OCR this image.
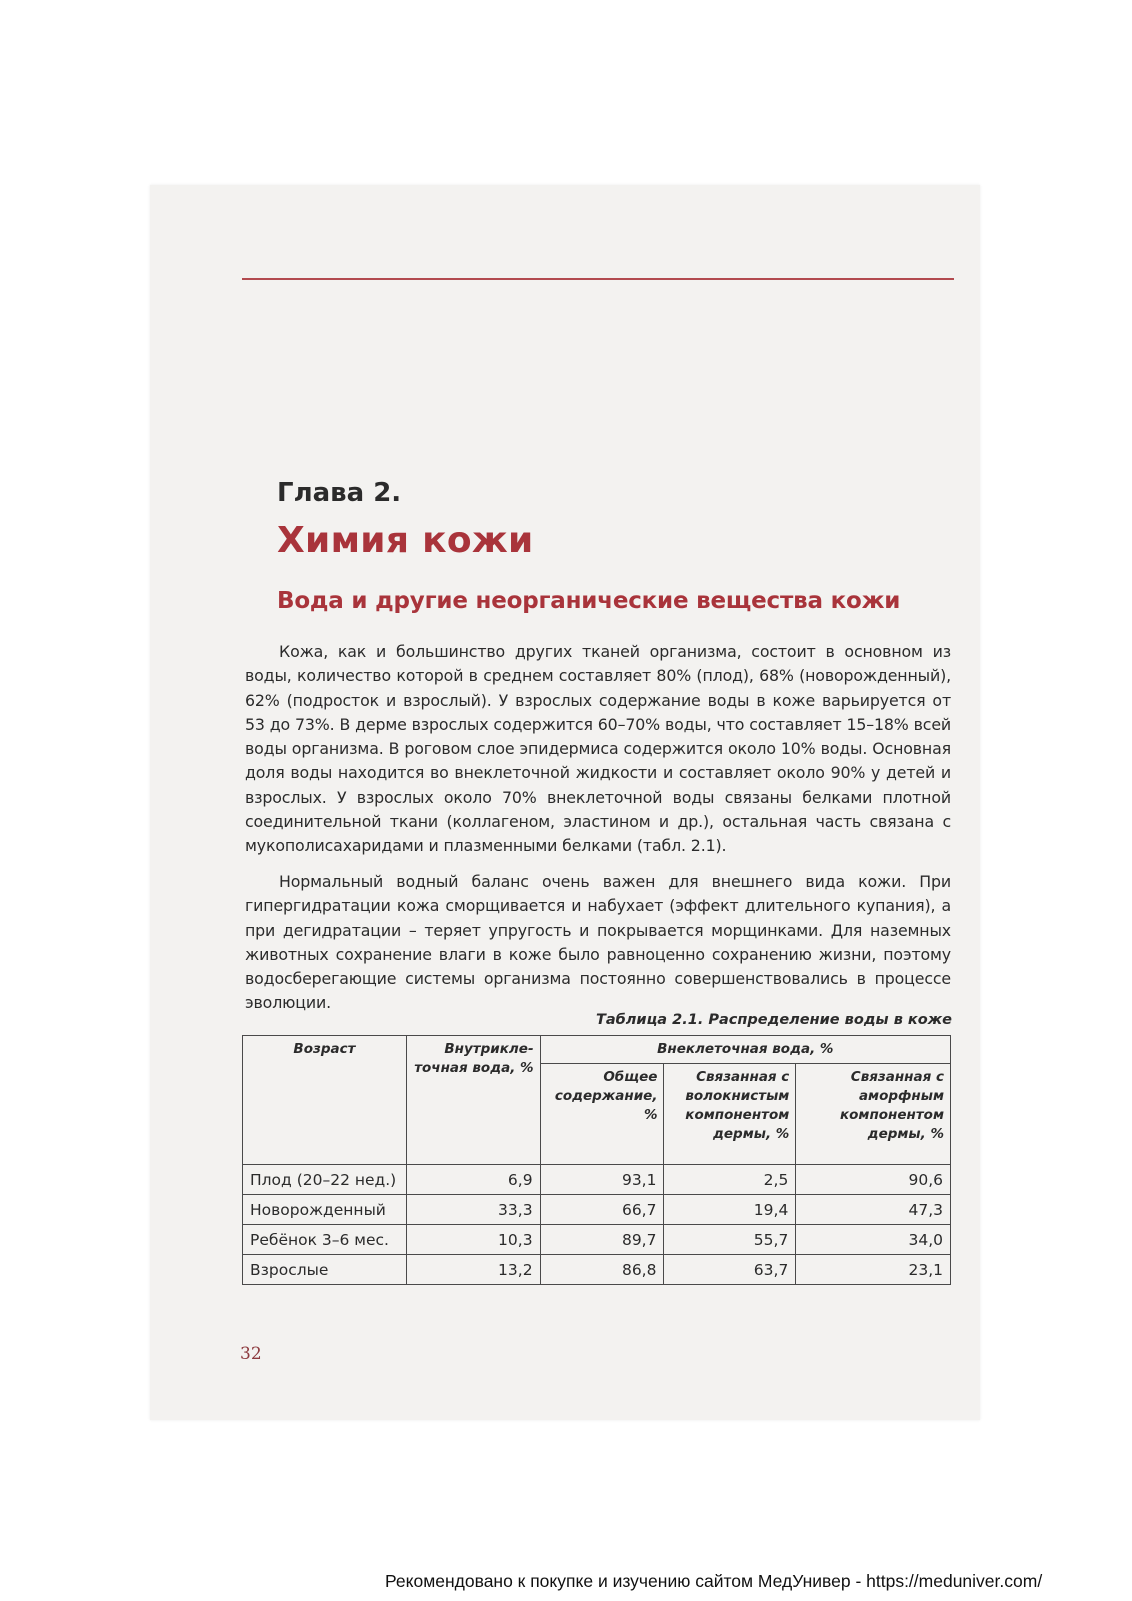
Глава 2.
Химия кожи
Вода и другие неорганические вещества кожи

Кожа, как и большинство других тканей организма, состоит в основном из воды, количество которой в среднем составляет 80% (плод), 68% (новорожденный), 62% (подросток и взрослый). У взрослых содержание воды в коже варьируется от 53 до 73%. В дерме взрослых содержится 60–70% воды, что составляет 15–18% всей воды организма. В роговом слое эпидермиса содержится около 10% воды. Основная доля воды находится во внеклеточной жидкости и составляет около 90% у детей и взрослых. У взрослых около 70% внеклеточной воды связаны белками плотной соединительной ткани (коллагеном, эластином и др.), остальная часть связана с мукополисахаридами и плазменными белками (табл. 2.1).

Нормальный водный баланс очень важен для внешнего вида кожи. При гипергидратации кожа сморщивается и набухает (эффект длительного купания), а при дегидратации – теряет упругость и покрывается морщинками. Для наземных животных сохранение влаги в коже было равноценно сохранению жизни, поэтому водосберегающие системы организма постоянно совершенствовались в процессе эволюции.

Таблица 2.1. Распределение воды в коже
Возраст	Внутрикле-точная вода, %	Внеклеточная вода, %		
		Общее содержание, %	Связанная с волокнистым компонентом дермы, %	Связанная с аморфным компонентом дермы, %
Плод (20–22 нед.)	6,9	93,1	2,5	90,6
Новорожденный	33,3	66,7	19,4	47,3
Ребёнок 3–6 мес.	10,3	89,7	55,7	34,0
Взрослые	13,2	86,8	63,7	23,1
32
Рекомендовано к покупке и изучению сайтом МедУнивер - https://meduniver.com/
